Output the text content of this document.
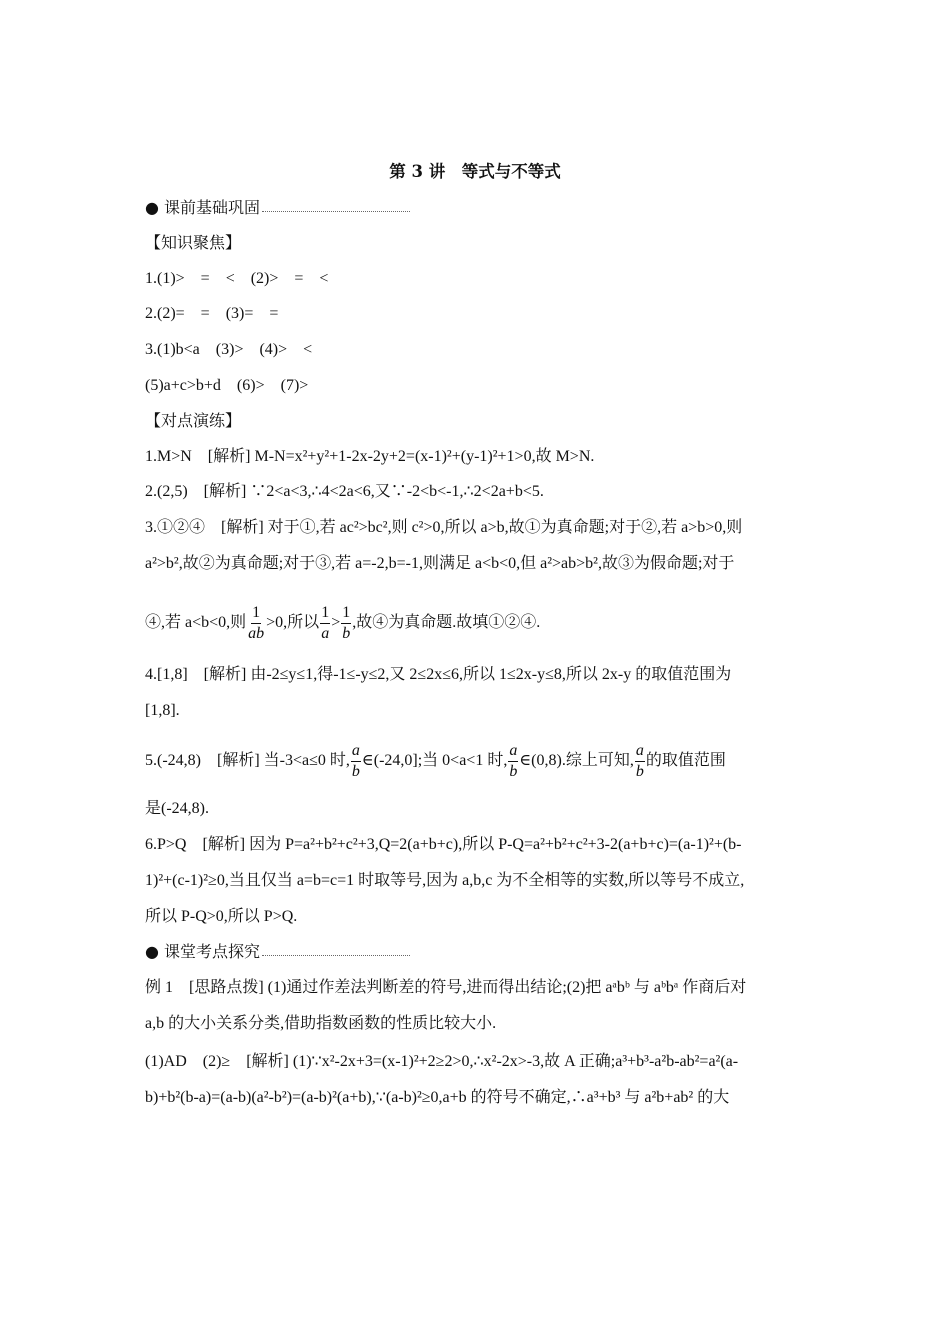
第 3 讲　等式与不等式
● 课前基础巩固
【知识聚焦】
1.(1)>　=　<　(2)>　=　<
2.(2)=　=　(3)=　=
3.(1)b<a　(3)>　(4)>　<
(5)a+c>b+d　(6)>　(7)>
【对点演练】
1.M>N　[解析] M-N=x²+y²+1-2x-2y+2=(x-1)²+(y-1)²+1>0,故 M>N.
2.(2,5)　[解析] ∵2<a<3,∴4<2a<6,又∵-2<b<-1,∴2<2a+b<5.
3.①②④　[解析] 对于①,若 ac²>bc²,则 c²>0,所以 a>b,故①为真命题;对于②,若 a>b>0,则
a²>b²,故②为真命题;对于③,若 a=-2,b=-1,则满足 a<b<0,但 a²>ab>b²,故③为假命题;对于
④,若 a<b<0,则 $\frac{1}{ab} >0$,所以 $\frac{1}{a} > \frac{1}{b}$ ,故④为真命题.故填①②④.
4.[1,8]　[解析] 由-2≤y≤1,得-1≤-y≤2,又 2≤2x≤6,所以 1≤2x-y≤8,所以 2x-y 的取值范围为
[1,8].
5.(-24,8)　[解析] 当-3<a≤0 时, $\frac{a}{b}$ ∈(-24,0];当 0<a<1 时, $\frac{a}{b}$ ∈(0,8).综上可知, $\frac{a}{b}$ 的取值范围
是(-24,8).
6.P>Q　[解析] 因为 P=a²+b²+c²+3,Q=2(a+b+c),所以 P-Q=a²+b²+c²+3-2(a+b+c)=(a-1)²+(b-
1)²+(c-1)²≥0,当且仅当 a=b=c=1 时取等号,因为 a,b,c 为不全相等的实数,所以等号不成立,
所以 P-Q>0,所以 P>Q.
● 课堂考点探究
例 1　[思路点拨] (1)通过作差法判断差的符号,进而得出结论;(2)把 aᵃbᵇ 与 aᵇbᵃ 作商后对
a,b 的大小关系分类,借助指数函数的性质比较大小.
(1)AD　(2)≥　[解析] (1)∵x²-2x+3=(x-1)²+2≥2>0,∴x²-2x>-3,故 A 正确;a³+b³-a²b-ab²=a²(a-
b)+b²(b-a)=(a-b)(a²-b²)=(a-b)²(a+b),∵(a-b)²≥0,a+b 的符号不确定,∴a³+b³ 与 a²b+ab² 的大
